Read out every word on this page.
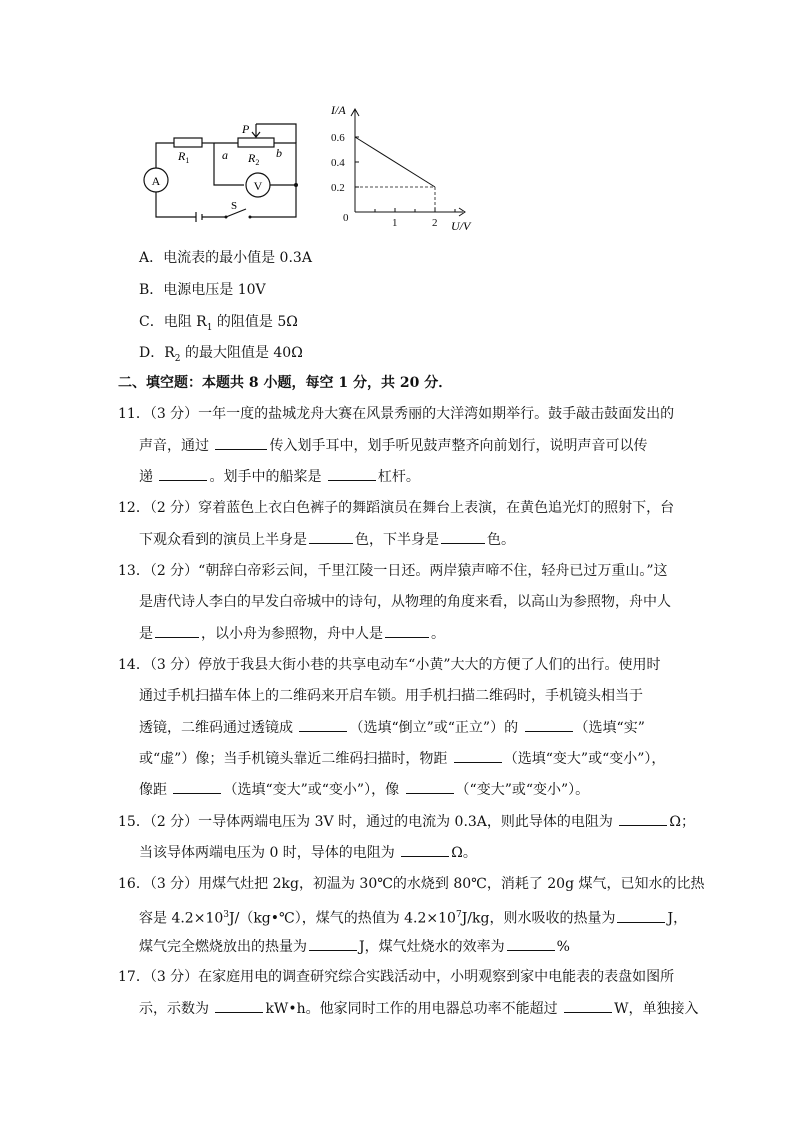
A	V
$R_1$	$R_2$
a	b
P
S
0	1	2
0.2
0.4
0.6
I/A
U/V
A．电流表的最小值是 0.3A
B．电源电压是 10V
C．电阻 $R_1$ 的阻值是 5Ω
D．$R_2$ 的最大阻值是 40Ω
二、填空题：本题共 8 小题，每空 1 分，共 20 分．
11．（3 分）一年一度的盐城龙舟大赛在风景秀丽的大洋湾如期举行。鼓手敲击鼓面发出的
声音，通过	传入划手耳中，划手听见鼓声整齐向前划行，说明声音可以传
递	。划手中的船桨是	杠杆。
12．（2 分）穿着蓝色上衣白色裤子的舞蹈演员在舞台上表演，在黄色追光灯的照射下，台
下观众看到的演员上半身是	色，下半身是	色。
13．（2 分）“朝辞白帝彩云间，千里江陵一日还。两岸猿声啼不住，轻舟已过万重山。”这
是唐代诗人李白的早发白帝城中的诗句，从物理的角度来看，以高山为参照物，舟中人
是	，以小舟为参照物，舟中人是	。
14．（3 分）停放于我县大街小巷的共享电动车“小黄”大大的方便了人们的出行。使用时
通过手机扫描车体上的二维码来开启车锁。用手机扫描二维码时，手机镜头相当于
透镜，二维码通过透镜成	（选填“倒立”或“正立”）的	（选填“实”
或“虚”）像；当手机镜头靠近二维码扫描时，物距	（选填“变大”或“变小”），
像距	（选填“变大”或“变小”），像	（“变大”或“变小”）。
15．（2 分）一导体两端电压为 3V 时，通过的电流为 0.3A，则此导体的电阻为	Ω；
当该导体两端电压为 0 时，导体的电阻为	Ω。
16．（3 分）用煤气灶把 2kg，初温为 30℃的水烧到 80℃，消耗了 20g 煤气，已知水的比热
容是 $4.2\times 10^3J/(kg•℃)$，煤气的热值为 $4.2\times 10^7J/kg$，则水吸收的热量为	J，
煤气完全燃烧放出的热量为	J，煤气灶烧水的效率为	%
17．（3 分）在家庭用电的调查研究综合实践活动中，小明观察到家中电能表的表盘如图所
示，示数为	kW•h。他家同时工作的用电器总功率不能超过	W，单独接入
